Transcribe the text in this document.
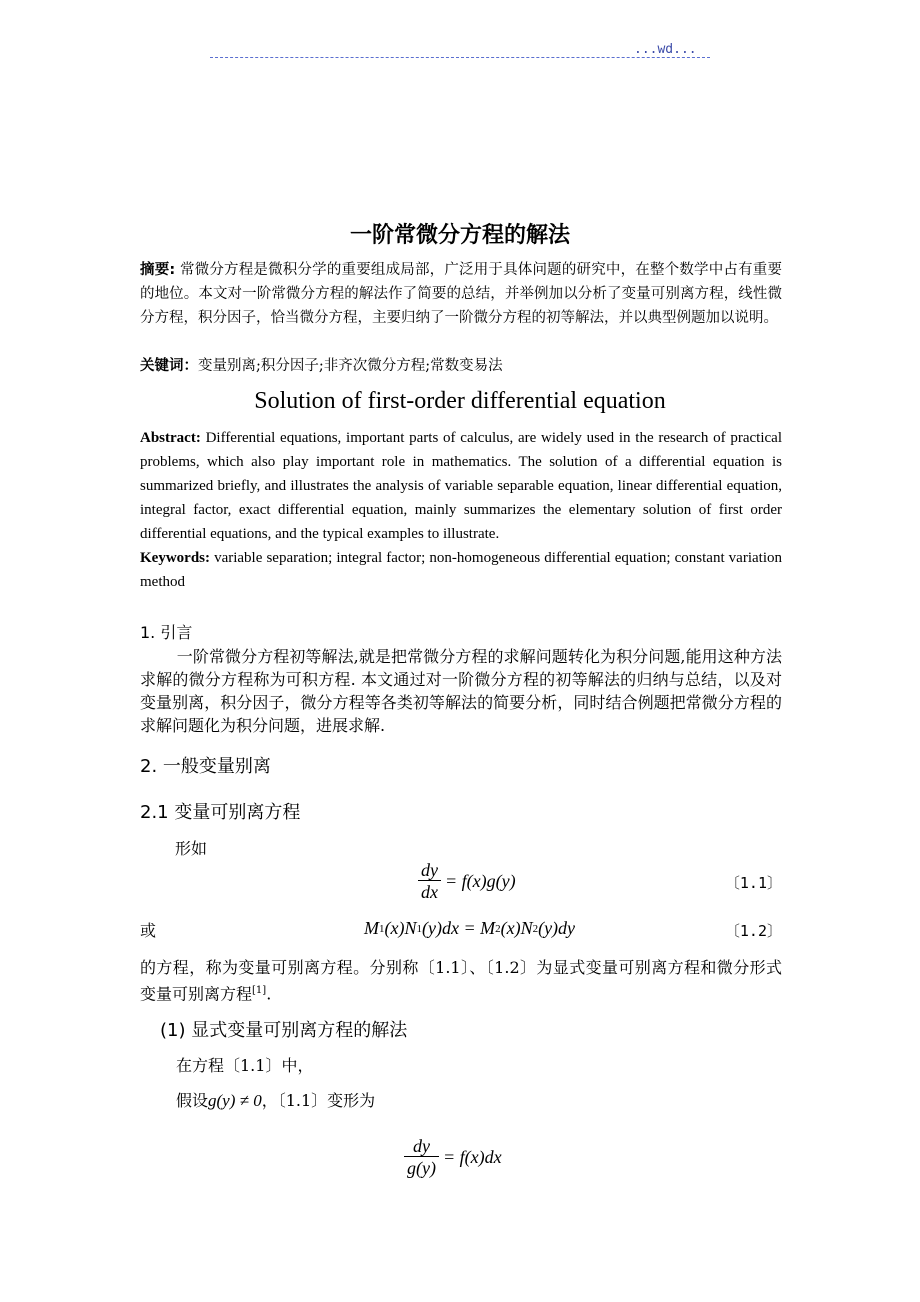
...wd...
一阶常微分方程的解法
摘要: 常微分方程是微积分学的重要组成局部，广泛用于具体问题的研究中，在整个数学中占有重要的地位。本文对一阶常微分方程的解法作了简要的总结，并举例加以分析了变量可别离方程，线性微分方程，积分因子，恰当微分方程，主要归纳了一阶微分方程的初等解法，并以典型例题加以说明。
关键词：变量别离;积分因子;非齐次微分方程;常数变易法
Solution of first-order differential equation
Abstract: Differential equations, important parts of calculus, are widely used in the research of practical problems, which also play important role in mathematics. The solution of a differential equation is summarized briefly, and illustrates the analysis of variable separable equation, linear differential equation, integral factor, exact differential equation, mainly summarizes the elementary solution of first order differential equations, and the typical examples to illustrate.
Keywords: variable separation; integral factor; non-homogeneous differential equation; constant variation method
1. 引言
一阶常微分方程初等解法,就是把常微分方程的求解问题转化为积分问题,能用这种方法求解的微分方程称为可积方程. 本文通过对一阶微分方程的初等解法的归纳与总结，以及对变量别离，积分因子，微分方程等各类初等解法的简要分析，同时结合例题把常微分方程的求解问题化为积分问题，进展求解.
2. 一般变量别离
2.1 变量可别离方程
形如
$\frac{dy}{dx} = f(x)g(y)$	〔1.1〕
或	M 1 (x)N 1 (y)dx = M 2 (x)N 2 (y)dy	〔1.2〕
的方程，称为变量可别离方程。分别称〔1.1〕、〔1.2〕为显式变量可别离方程和微分形式变量可别离方程[1].
(1) 显式变量可别离方程的解法
在方程〔1.1〕中，
假设g(y) ≠ 0，〔1.1〕变形为
$\frac{dy}{g(y)} = f(x)dx$
